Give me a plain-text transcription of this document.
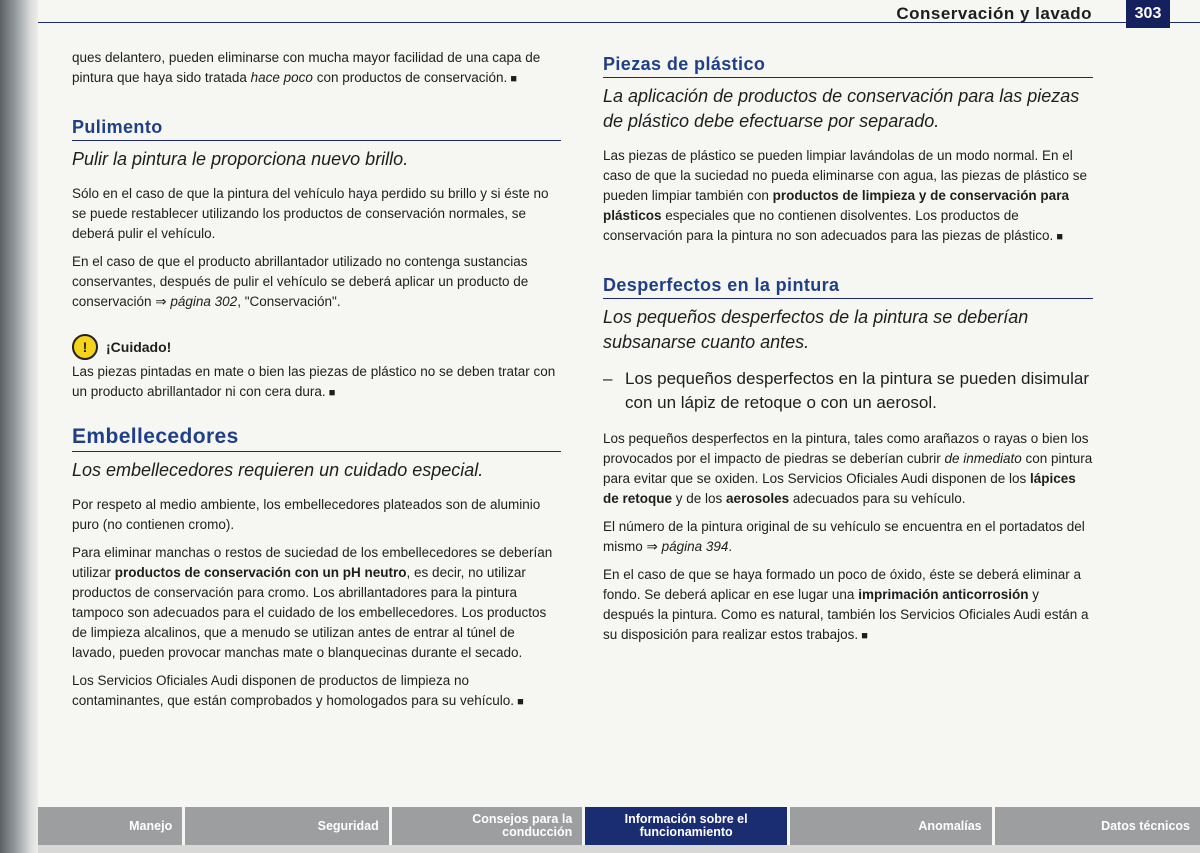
Conservación y lavado	303

ques delantero, pueden eliminarse con mucha mayor facilidad de una capa de pintura que haya sido tratada hace poco con productos de conservación. ■

Pulimento
Pulir la pintura le proporciona nuevo brillo.

Sólo en el caso de que la pintura del vehículo haya perdido su brillo y si éste no se puede restablecer utilizando los productos de conservación normales, se deberá pulir el vehículo.

En el caso de que el producto abrillantador utilizado no contenga sustancias conservantes, después de pulir el vehículo se deberá aplicar un producto de conservación ⇒ página 302, "Conservación".

!	¡Cuidado!

Las piezas pintadas en mate o bien las piezas de plástico no se deben tratar con un producto abrillantador ni con cera dura. ■

Embellecedores
Los embellecedores requieren un cuidado especial.

Por respeto al medio ambiente, los embellecedores plateados son de aluminio puro (no contienen cromo).

Para eliminar manchas o restos de suciedad de los embellecedores se deberían utilizar productos de conservación con un pH neutro, es decir, no utilizar productos de conservación para cromo. Los abrillantadores para la pintura tampoco son adecuados para el cuidado de los embellecedores. Los productos de limpieza alcalinos, que a menudo se utilizan antes de entrar al túnel de lavado, pueden provocar manchas mate o blanquecinas durante el secado.

Los Servicios Oficiales Audi disponen de productos de limpieza no contaminantes, que están comprobados y homologados para su vehículo. ■

Piezas de plástico
La aplicación de productos de conservación para las piezas de plástico debe efectuarse por separado.

Las piezas de plástico se pueden limpiar lavándolas de un modo normal. En el caso de que la suciedad no pueda eliminarse con agua, las piezas de plástico se pueden limpiar también con productos de limpieza y de conservación para plásticos especiales que no contienen disolventes. Los productos de conservación para la pintura no son adecuados para las piezas de plástico. ■

Desperfectos en la pintura
Los pequeños desperfectos de la pintura se deberían subsanarse cuanto antes.
– Los pequeños desperfectos en la pintura se pueden disimular con un lápiz de retoque o con un aerosol.

Los pequeños desperfectos en la pintura, tales como arañazos o rayas o bien los provocados por el impacto de piedras se deberían cubrir de inmediato con pintura para evitar que se oxiden. Los Servicios Oficiales Audi disponen de los lápices de retoque y de los aerosoles adecuados para su vehículo.

El número de la pintura original de su vehículo se encuentra en el portadatos del mismo ⇒ página 394.

En el caso de que se haya formado un poco de óxido, éste se deberá eliminar a fondo. Se deberá aplicar en ese lugar una imprimación anticorrosión y después la pintura. Como es natural, también los Servicios Oficiales Audi están a su disposición para realizar estos trabajos. ■

Manejo	Seguridad	Consejos para la conducción
Información sobre el funcionamiento	Anomalías	Datos técnicos
